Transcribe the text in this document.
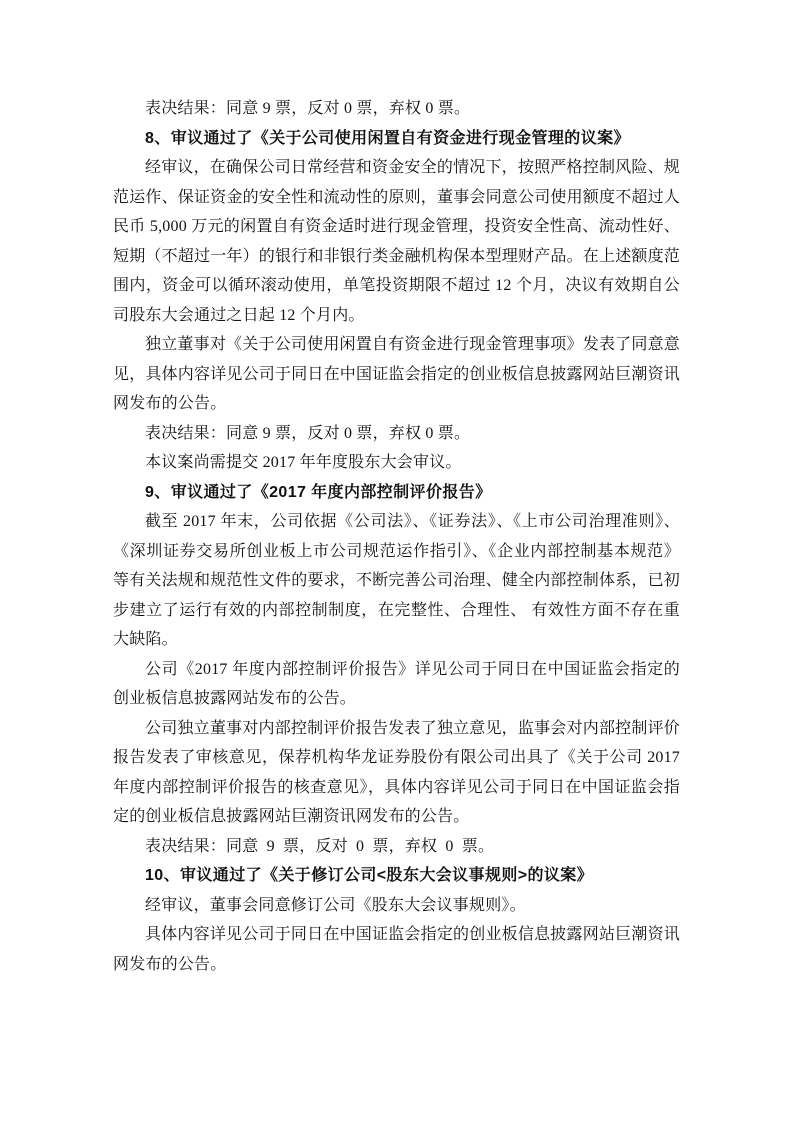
表决结果：同意 9 票，反对 0 票，弃权 0 票。

8、审议通过了《关于公司使用闲置自有资金进行现金管理的议案》

经审议，在确保公司日常经营和资金安全的情况下，按照严格控制风险、规范运作、保证资金的安全性和流动性的原则，董事会同意公司使用额度不超过人民币 5,000 万元的闲置自有资金适时进行现金管理，投资安全性高、流动性好、短期（不超过一年）的银行和非银行类金融机构保本型理财产品。在上述额度范围内，资金可以循环滚动使用，单笔投资期限不超过 12 个月，决议有效期自公司股东大会通过之日起 12 个月内。

独立董事对《关于公司使用闲置自有资金进行现金管理事项》发表了同意意见，具体内容详见公司于同日在中国证监会指定的创业板信息披露网站巨潮资讯网发布的公告。

表决结果：同意 9 票，反对 0 票，弃权 0 票。

本议案尚需提交 2017 年年度股东大会审议。

9、审议通过了《2017 年度内部控制评价报告》

截至 2017 年末，公司依据《公司法》、《证券法》、《上市公司治理准则》、《深圳证券交易所创业板上市公司规范运作指引》、《企业内部控制基本规范》等有关法规和规范性文件的要求，不断完善公司治理、健全内部控制体系，已初步建立了运行有效的内部控制制度，在完整性、合理性、 有效性方面不存在重大缺陷。

公司《2017 年度内部控制评价报告》详见公司于同日在中国证监会指定的创业板信息披露网站发布的公告。

公司独立董事对内部控制评价报告发表了独立意见，监事会对内部控制评价报告发表了审核意见，保荐机构华龙证券股份有限公司出具了《关于公司 2017 年度内部控制评价报告的核查意见》，具体内容详见公司于同日在中国证监会指定的创业板信息披露网站巨潮资讯网发布的公告。

表决结果：同意 9 票，反对 0 票，弃权 0 票。

10、审议通过了《关于修订公司<股东大会议事规则>的议案》

经审议，董事会同意修订公司《股东大会议事规则》。

具体内容详见公司于同日在中国证监会指定的创业板信息披露网站巨潮资讯网发布的公告。
